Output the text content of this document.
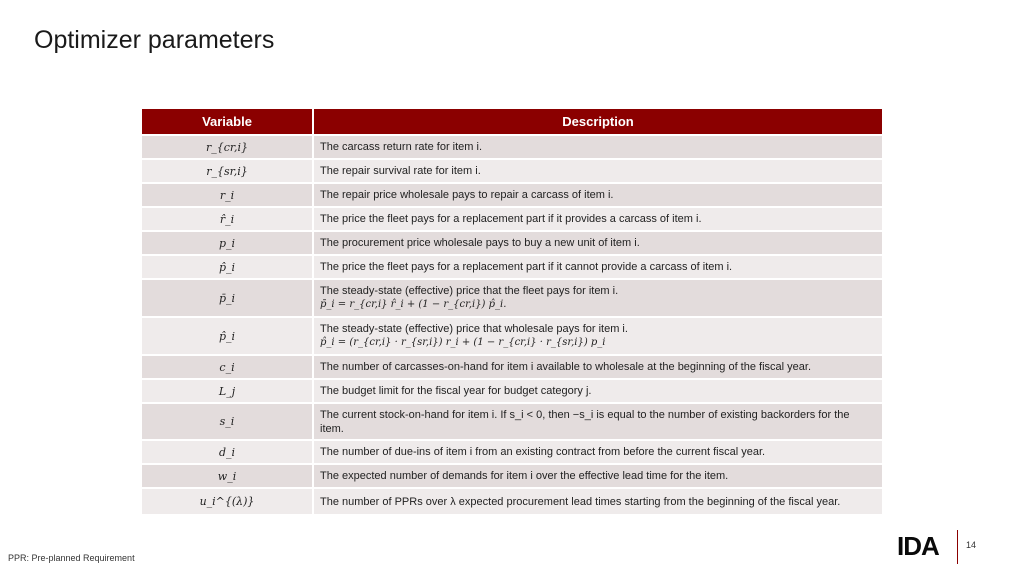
Optimizer parameters
Variable	Description
r_{cr,i}	The carcass return rate for item i.
r_{sr,i}	The repair survival rate for item i.
r_i	The repair price wholesale pays to repair a carcass of item i.
r̂_i	The price the fleet pays for a replacement part if it provides a carcass of item i.
p_i	The procurement price wholesale pays to buy a new unit of item i.
p̂_i	The price the fleet pays for a replacement part if it cannot provide a carcass of item i.
p̄_i	The steady-state (effective) price that the fleet pays for item i.
p̄_i = r_{cr,i} r̂_i + (1 − r_{cr,i}) p̂_i.

p̂_i	The steady-state (effective) price that wholesale pays for item i.
p̂_i = (r_{cr,i} · r_{sr,i}) r_i + (1 − r_{cr,i} · r_{sr,i}) p_i

c_i	The number of carcasses-on-hand for item i available to wholesale at the beginning of the fiscal year.
L_j	The budget limit for the fiscal year for budget category j.
s_i	The current stock-on-hand for item i. If s_i < 0, then −s_i is equal to the number of existing backorders for the item.
d_i	The number of due-ins of item i from an existing contract from before the current fiscal year.
w_i	The expected number of demands for item i over the effective lead time for the item.
u_i^{(λ)}	The number of PPRs over λ expected procurement lead times starting from the beginning of the fiscal year.
PPR: Pre-planned Requirement	IDA	14
